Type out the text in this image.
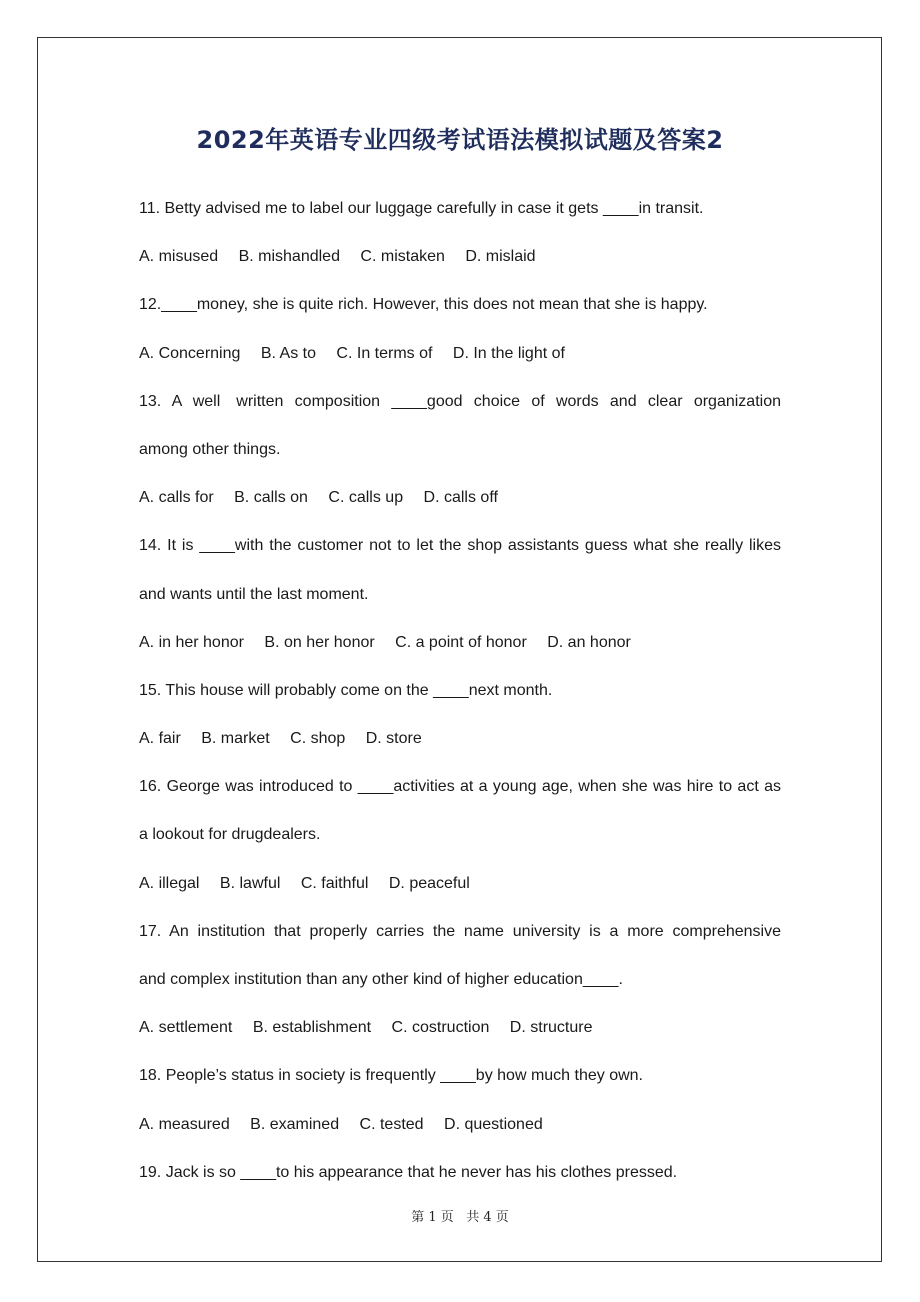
2022年英语专业四级考试语法模拟试题及答案2
11. Betty advised me to label our luggage carefully in case it gets ____in transit.
A. misused  B. mishandled  C. mistaken  D. mislaid
12.____money, she is quite rich. However, this does not mean that she is happy.
A. Concerning  B. As to  C. In terms of  D. In the light of
13. A well written composition ____good choice of words and clear organization
among other things.
A. calls for  B. calls on  C. calls up  D. calls off
14. It is ____with the customer not to let the shop assistants guess what she really likes
and wants until the last moment.
A. in her honor  B. on her honor  C. a point of honor  D. an honor
15. This house will probably come on the ____next month.
A. fair  B. market  C. shop  D. store
16. George was introduced to ____activities at a young age, when she was hire to act as
a lookout for drugdealers.
A. illegal  B. lawful  C. faithful  D. peaceful
17. An institution that properly carries the name university is a more comprehensive
and complex institution than any other kind of higher education____.
A. settlement  B. establishment  C. costruction  D. structure
18. People’s status in society is frequently ____by how much they own.
A. measured  B. examined  C. tested  D. questioned
19. Jack is so ____to his appearance that he never has his clothes pressed.
第 1 页   共 4 页
